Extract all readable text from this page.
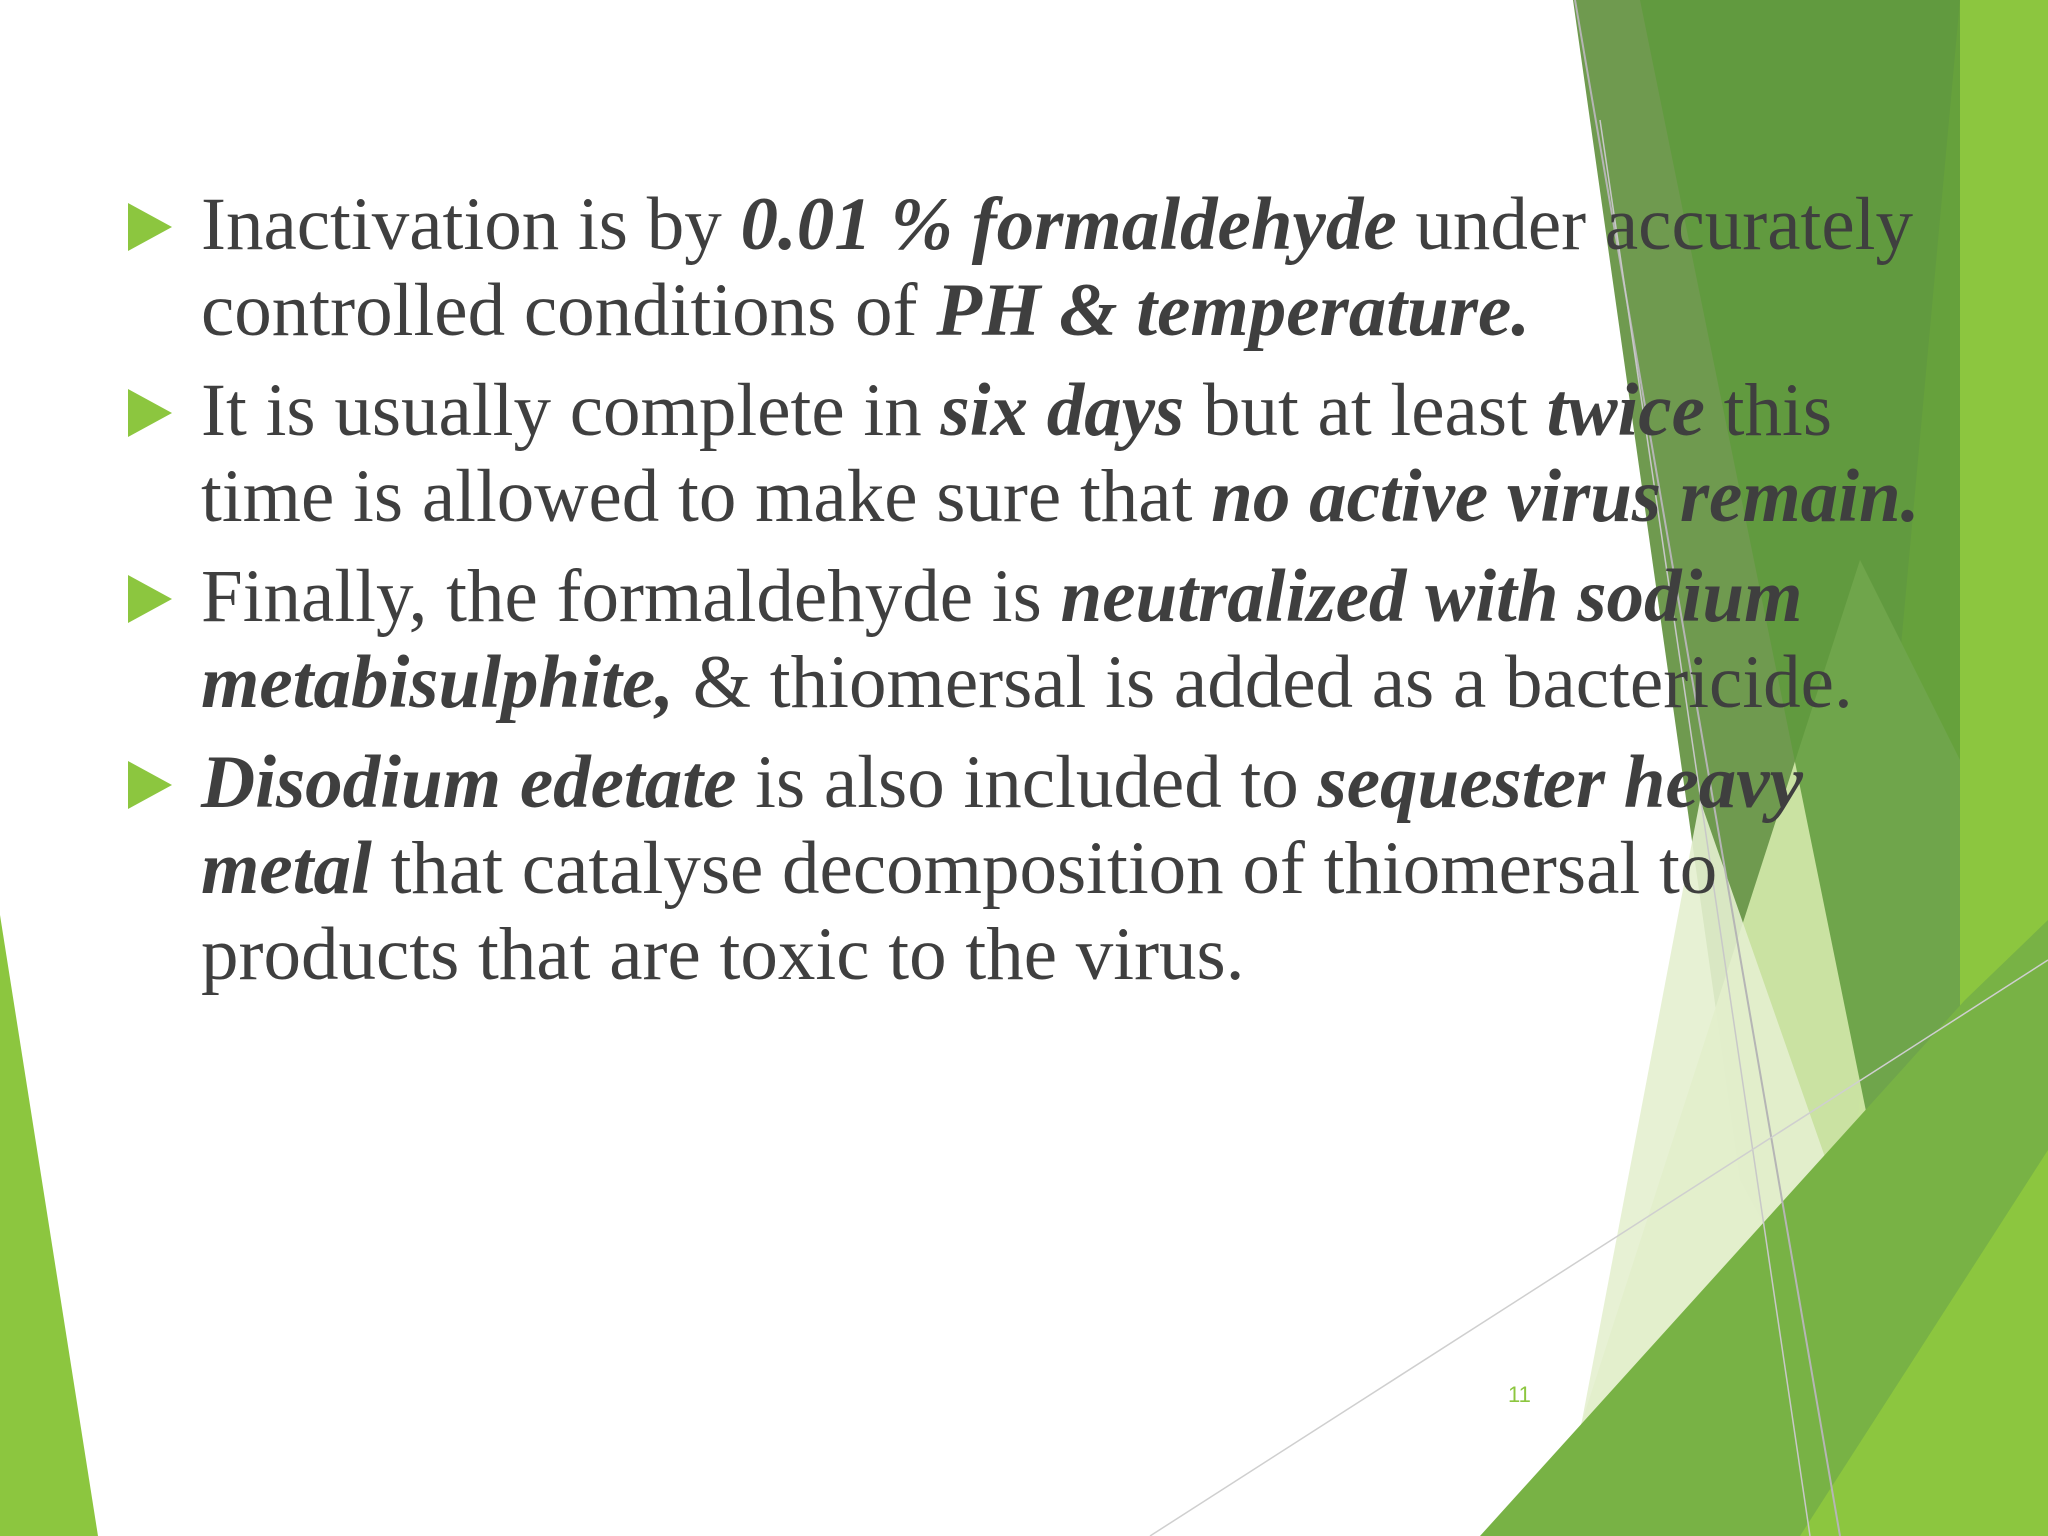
Inactivation is by 0.01 % formaldehyde under accurately controlled conditions of PH & temperature.
It is usually complete in six days but at least twice this time is allowed to make sure that no active virus remain.
Finally, the formaldehyde is neutralized with sodium metabisulphite, & thiomersal is added as a bactericide.
Disodium edetate is also included to sequester heavy metal that catalyse decomposition of thiomersal to products that are toxic to the virus.
11
